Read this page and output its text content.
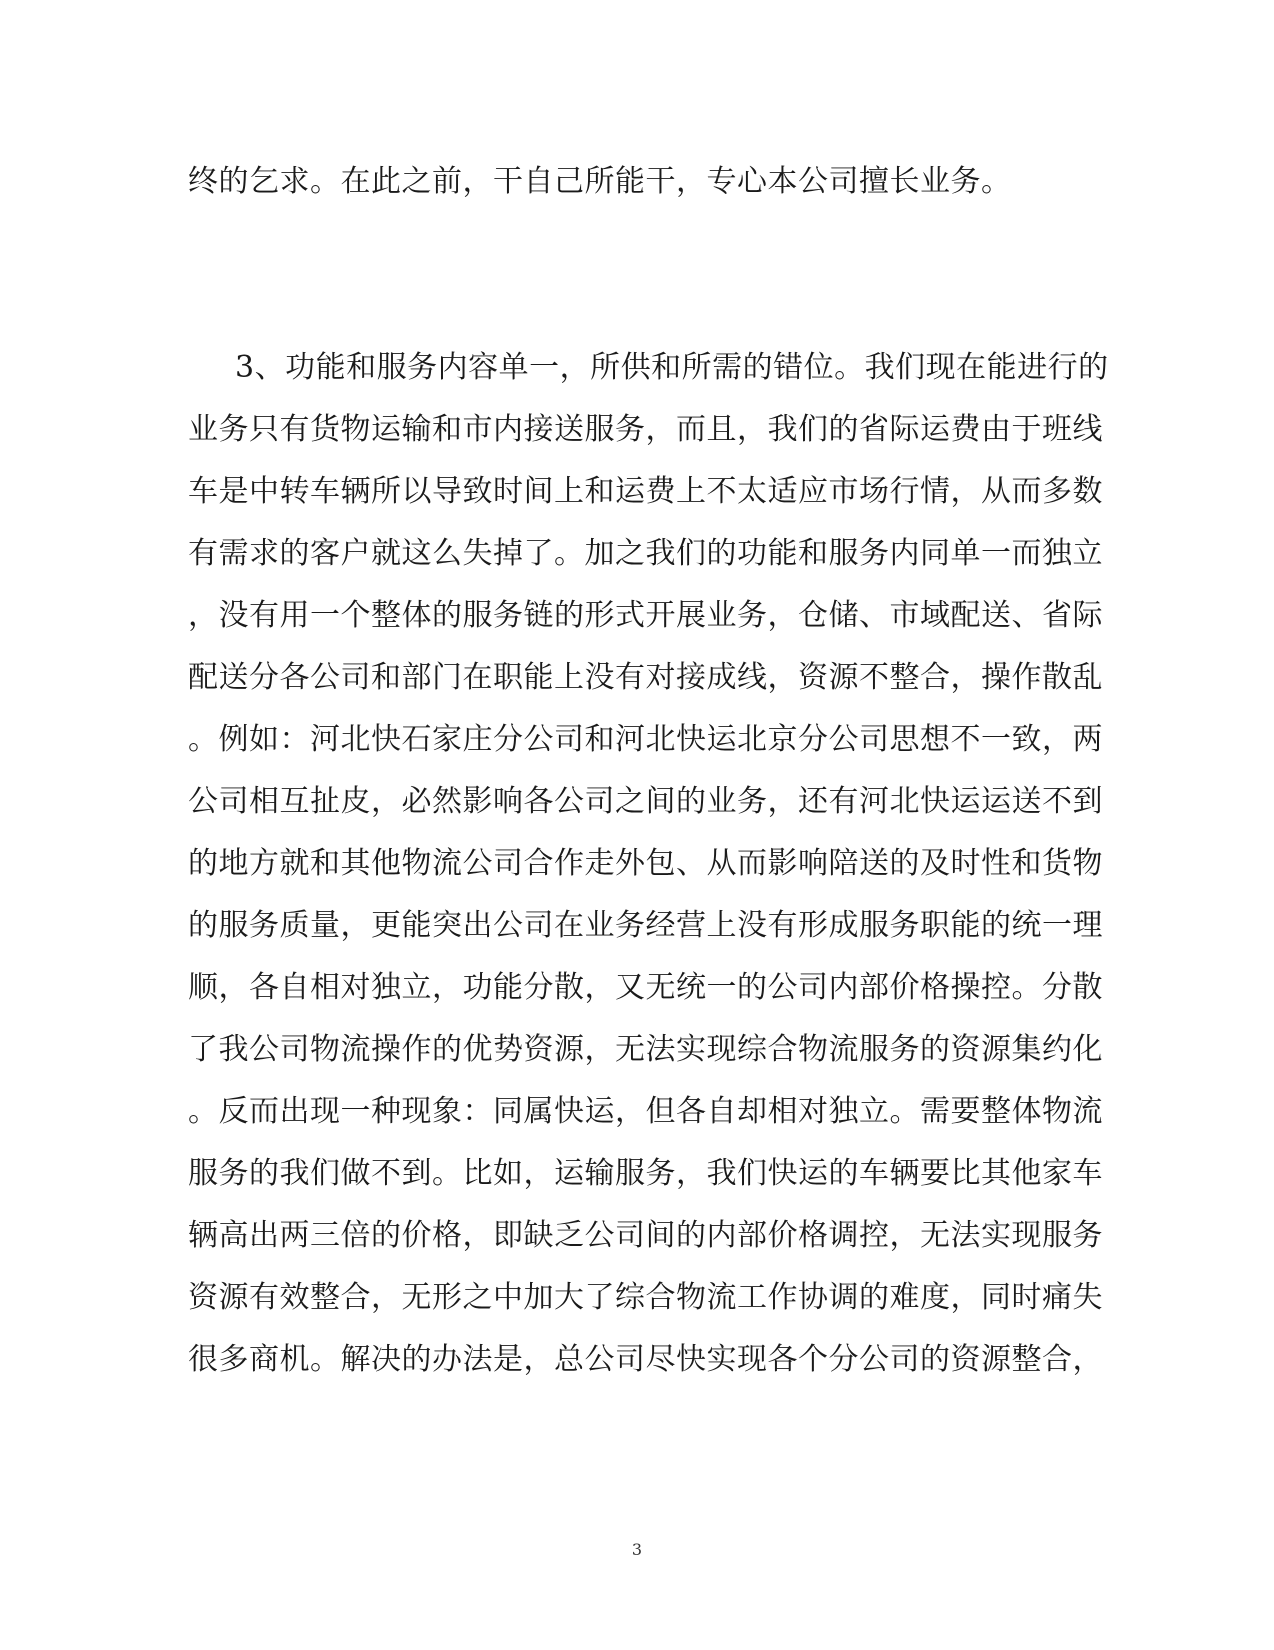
终的乞求。在此之前，干自己所能干，专心本公司擅长业务。
3、功能和服务内容单一，所供和所需的错位。我们现在能进行的
业务只有货物运输和市内接送服务，而且，我们的省际运费由于班线
车是中转车辆所以导致时间上和运费上不太适应市场行情，从而多数
有需求的客户就这么失掉了。加之我们的功能和服务内同单一而独立
，没有用一个整体的服务链的形式开展业务，仓储、市域配送、省际
配送分各公司和部门在职能上没有对接成线，资源不整合，操作散乱
。例如：河北快石家庄分公司和河北快运北京分公司思想不一致，两
公司相互扯皮，必然影响各公司之间的业务，还有河北快运运送不到
的地方就和其他物流公司合作走外包、从而影响陪送的及时性和货物
的服务质量，更能突出公司在业务经营上没有形成服务职能的统一理
顺，各自相对独立，功能分散，又无统一的公司内部价格操控。分散
了我公司物流操作的优势资源，无法实现综合物流服务的资源集约化
。反而出现一种现象：同属快运，但各自却相对独立。需要整体物流
服务的我们做不到。比如，运输服务，我们快运的车辆要比其他家车
辆高出两三倍的价格，即缺乏公司间的内部价格调控，无法实现服务
资源有效整合，无形之中加大了综合物流工作协调的难度，同时痛失
很多商机。解决的办法是，总公司尽快实现各个分公司的资源整合，
3
